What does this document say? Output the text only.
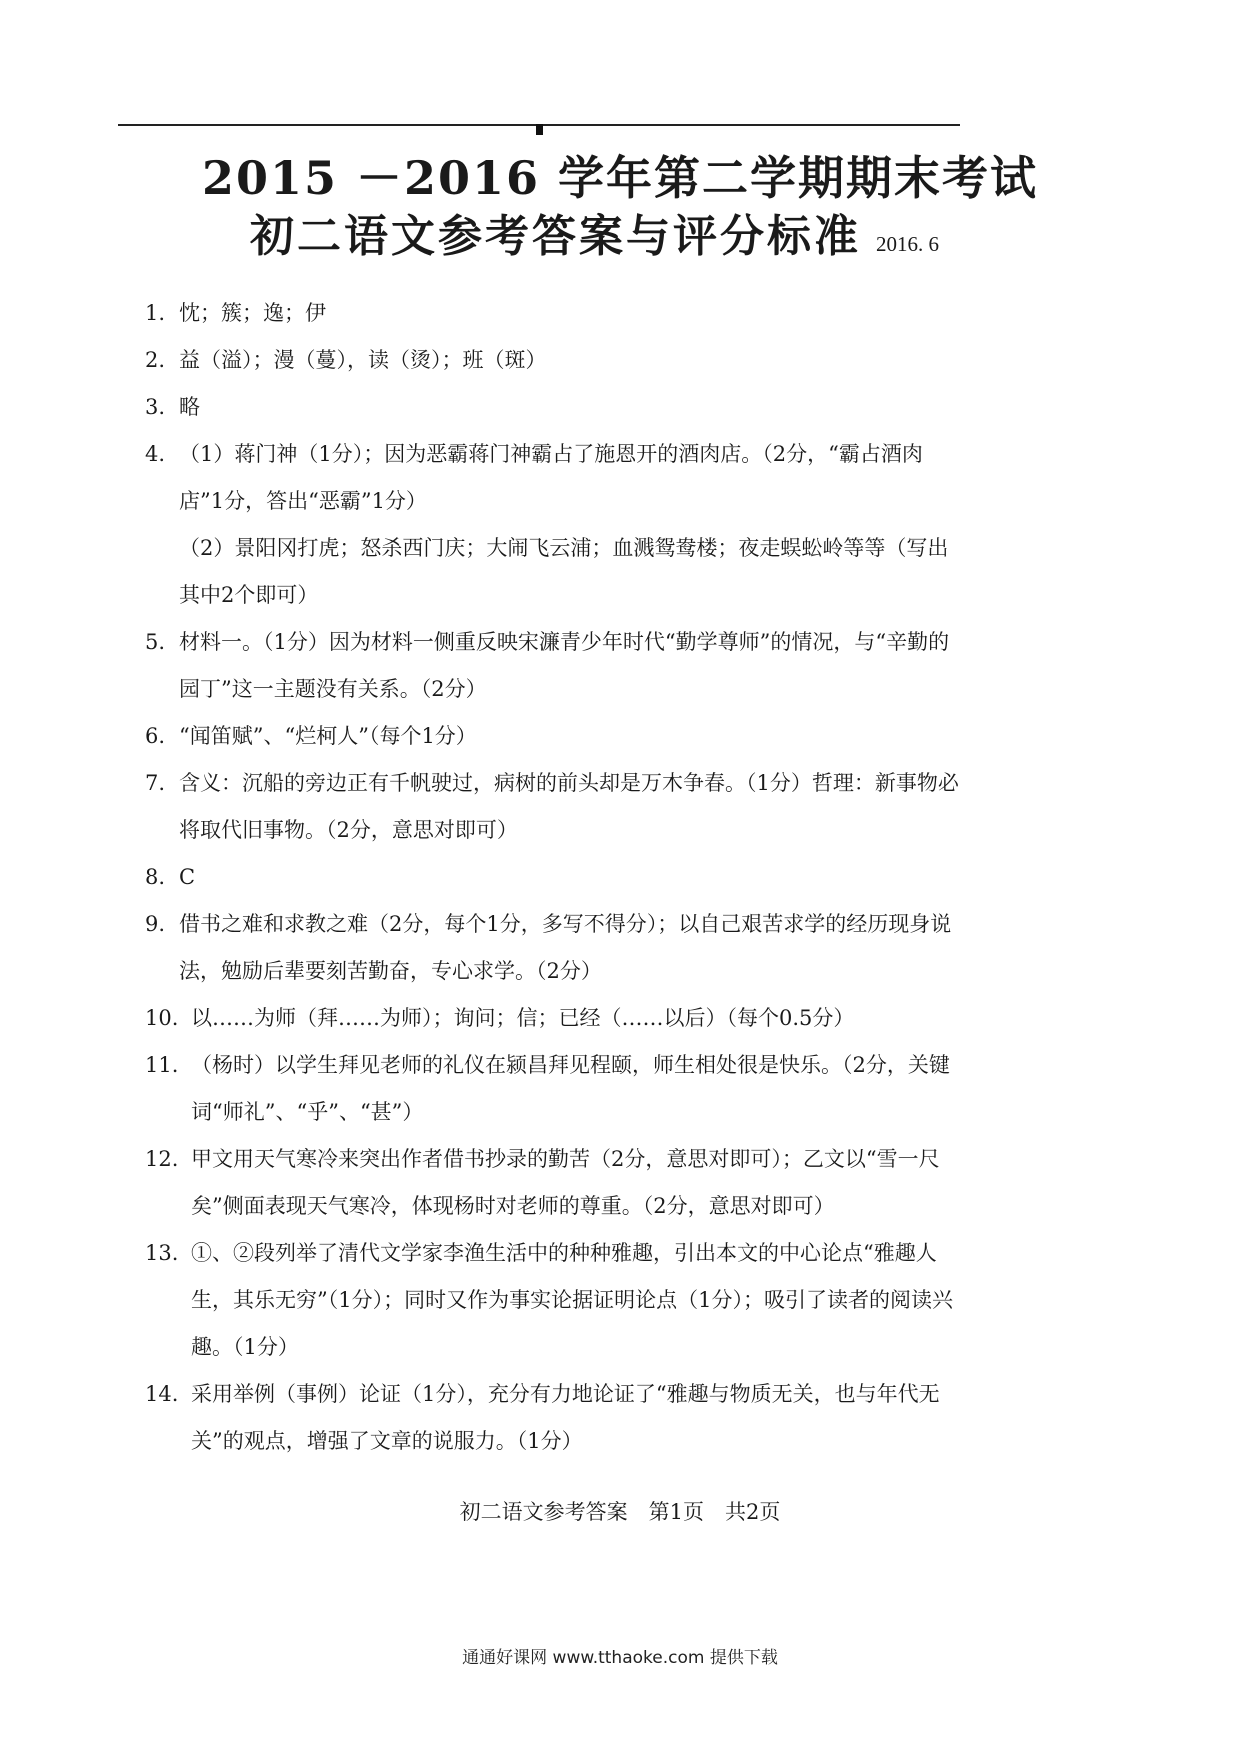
2015 －2016 学年第二学期期末考试
初二语文参考答案与评分标准 2016. 6
1. 忱；簇；逸；伊
2. 益（溢）；漫（蔓），读（烫）；班（斑）
3. 略
4. （1）蒋门神（1分）；因为恶霸蒋门神霸占了施恩开的酒肉店。（2分，“霸占酒肉店”1分，答出“恶霸”1分）
（2）景阳冈打虎；怒杀西门庆；大闹飞云浦；血溅鸳鸯楼；夜走蜈蚣岭等等（写出其中2个即可）
5. 材料一。（1分）因为材料一侧重反映宋濂青少年时代“勤学尊师”的情况，与“辛勤的园丁”这一主题没有关系。（2分）
6. “闻笛赋”、“烂柯人”（每个1分）
7. 含义：沉船的旁边正有千帆驶过，病树的前头却是万木争春。（1分）哲理：新事物必将取代旧事物。（2分，意思对即可）
8. C
9. 借书之难和求教之难（2分，每个1分，多写不得分）；以自己艰苦求学的经历现身说法，勉励后辈要刻苦勤奋，专心求学。（2分）
10. 以……为师（拜……为师）；询问；信；已经（……以后）（每个0.5分）
11. （杨时）以学生拜见老师的礼仪在颍昌拜见程颐，师生相处很是快乐。（2分，关键词“师礼”、“乎”、“甚”）
12. 甲文用天气寒冷来突出作者借书抄录的勤苦（2分，意思对即可）；乙文以“雪一尺矣”侧面表现天气寒冷，体现杨时对老师的尊重。（2分，意思对即可）
13. ①、②段列举了清代文学家李渔生活中的种种雅趣，引出本文的中心论点“雅趣人生，其乐无穷”（1分）；同时又作为事实论据证明论点（1分）；吸引了读者的阅读兴趣。（1分）
14. 采用举例（事例）论证（1分），充分有力地论证了“雅趣与物质无关，也与年代无关”的观点，增强了文章的说服力。（1分）
初二语文参考答案　第1页　共2页
通通好课网 www.tthaoke.com 提供下载
